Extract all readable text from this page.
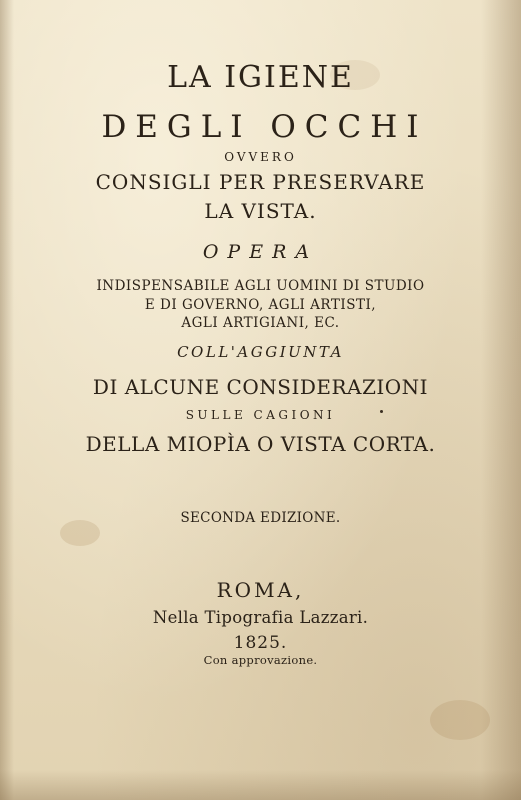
LA IGIENE
DEGLI OCCHI
OVVERO
CONSIGLI PER PRESERVARE
LA VISTA.
OPERA
INDISPENSABILE AGLI UOMINI DI STUDIO
E DI GOVERNO, AGLI ARTISTI,
AGLI ARTIGIANI, EC.
COLL'AGGIUNTA
DI ALCUNE CONSIDERAZIONI
SULLE CAGIONI
DELLA MIOPÌA O VISTA CORTA.
SECONDA EDIZIONE.
ROMA,
Nella Tipografia Lazzari.
1825.
Con approvazione.
